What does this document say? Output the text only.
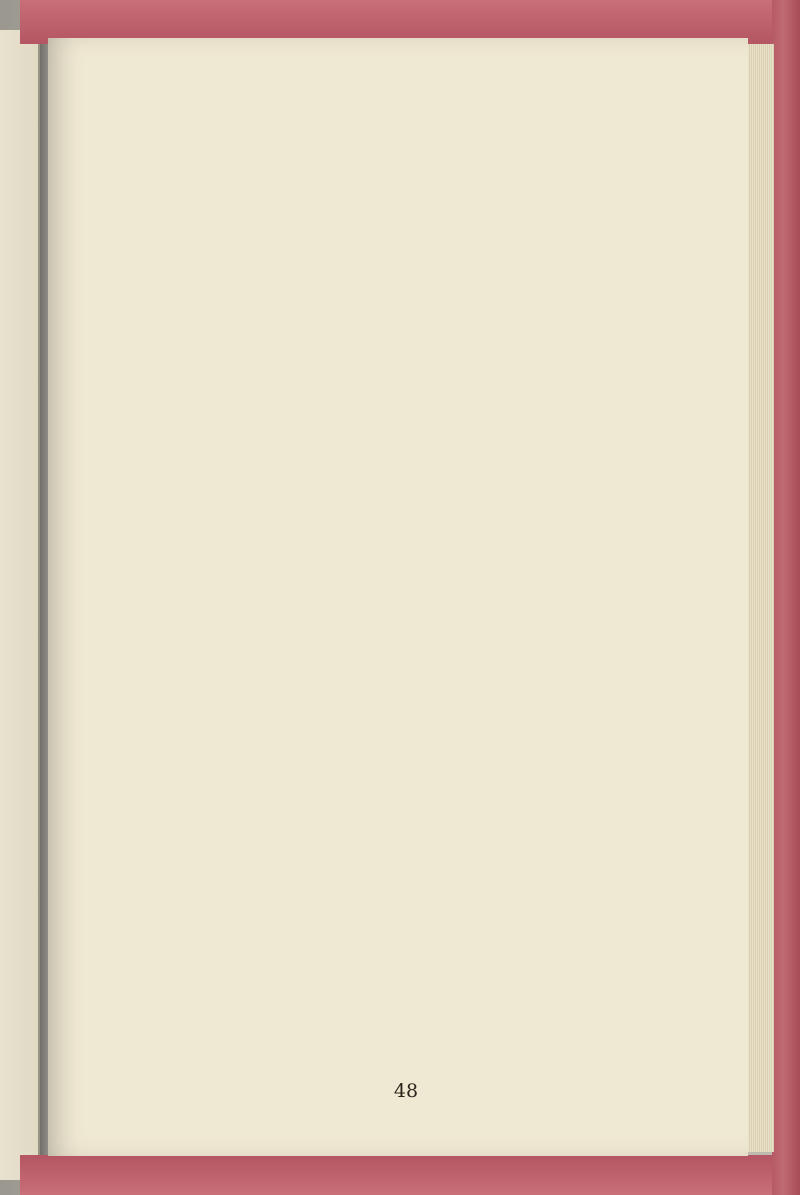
48
